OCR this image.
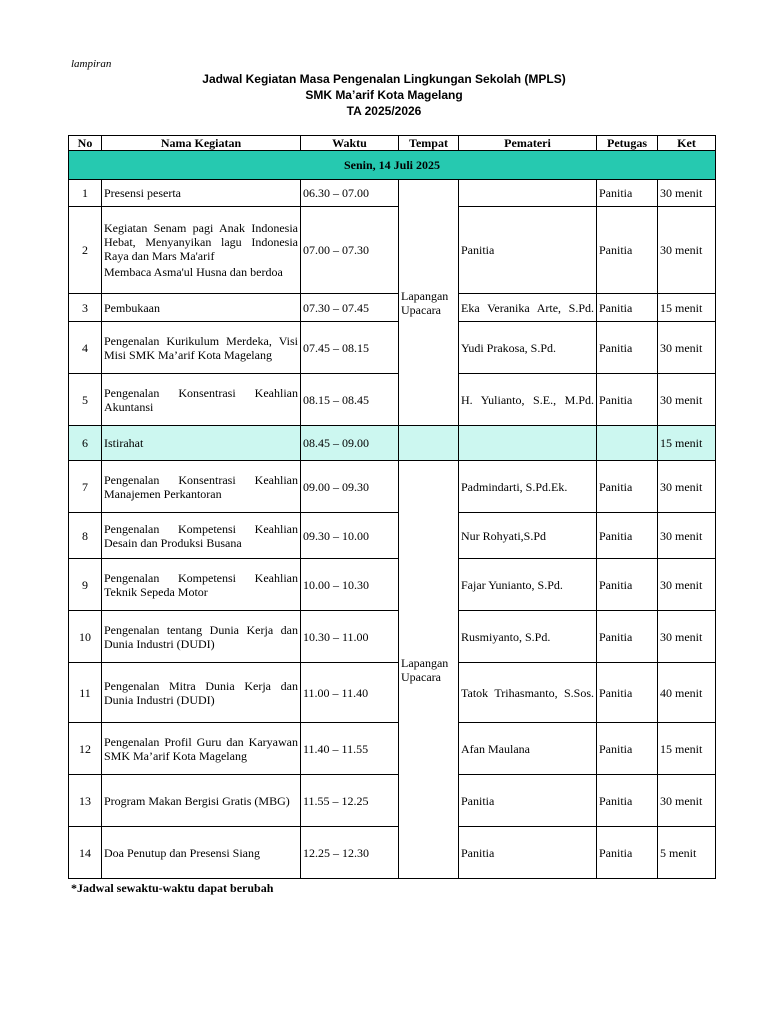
lampiran
Jadwal Kegiatan Masa Pengenalan Lingkungan Sekolah (MPLS)
SMK Ma’arif Kota Magelang
TA 2025/2026
No	Nama Kegiatan	Waktu	Tempat	Pemateri	Petugas	Ket
Senin, 14 Juli 2025						
1	Presensi peserta	06.30 – 07.00	Lapangan Upacara		Panitia	30 menit
2	Kegiatan Senam pagi Anak Indonesia Hebat, Menyanyikan lagu Indonesia Raya dan Mars Ma'arif
Membaca Asma'ul Husna dan berdoa	07.00 – 07.30		Panitia	Panitia	30 menit
3	Pembukaan	07.30 – 07.45		Eka Veranika Arte, S.Pd.	Panitia	15 menit
4	Pengenalan Kurikulum Merdeka, Visi Misi SMK Ma’arif Kota Magelang	07.45 – 08.15		Yudi Prakosa, S.Pd.	Panitia	30 menit
5	Pengenalan Konsentrasi Keahlian Akuntansi	08.15 – 08.45		H. Yulianto, S.E., M.Pd.	Panitia	30 menit
6	Istirahat	08.45 – 09.00				15 menit
7	Pengenalan Konsentrasi Keahlian Manajemen Perkantoran	09.00 – 09.30	Lapangan Upacara	Padmindarti, S.Pd.Ek.	Panitia	30 menit
8	Pengenalan Kompetensi Keahlian Desain dan Produksi Busana	09.30 – 10.00		Nur Rohyati,S.Pd	Panitia	30 menit
9	Pengenalan Kompetensi Keahlian Teknik Sepeda Motor	10.00 – 10.30		Fajar Yunianto, S.Pd.	Panitia	30 menit
10	Pengenalan tentang Dunia Kerja dan Dunia Industri (DUDI)	10.30 – 11.00		Rusmiyanto, S.Pd.	Panitia	30 menit
11	Pengenalan Mitra Dunia Kerja dan Dunia Industri (DUDI)	11.00 – 11.40		Tatok Trihasmanto, S.Sos.	Panitia	40 menit
12	Pengenalan Profil Guru dan Karyawan SMK Ma’arif Kota Magelang	11.40 – 11.55		Afan Maulana	Panitia	15 menit
13	Program Makan Bergisi Gratis (MBG)	11.55 – 12.25		Panitia	Panitia	30 menit
14	Doa Penutup dan Presensi Siang	12.25 – 12.30		Panitia	Panitia	5 menit
*Jadwal sewaktu-waktu dapat berubah
